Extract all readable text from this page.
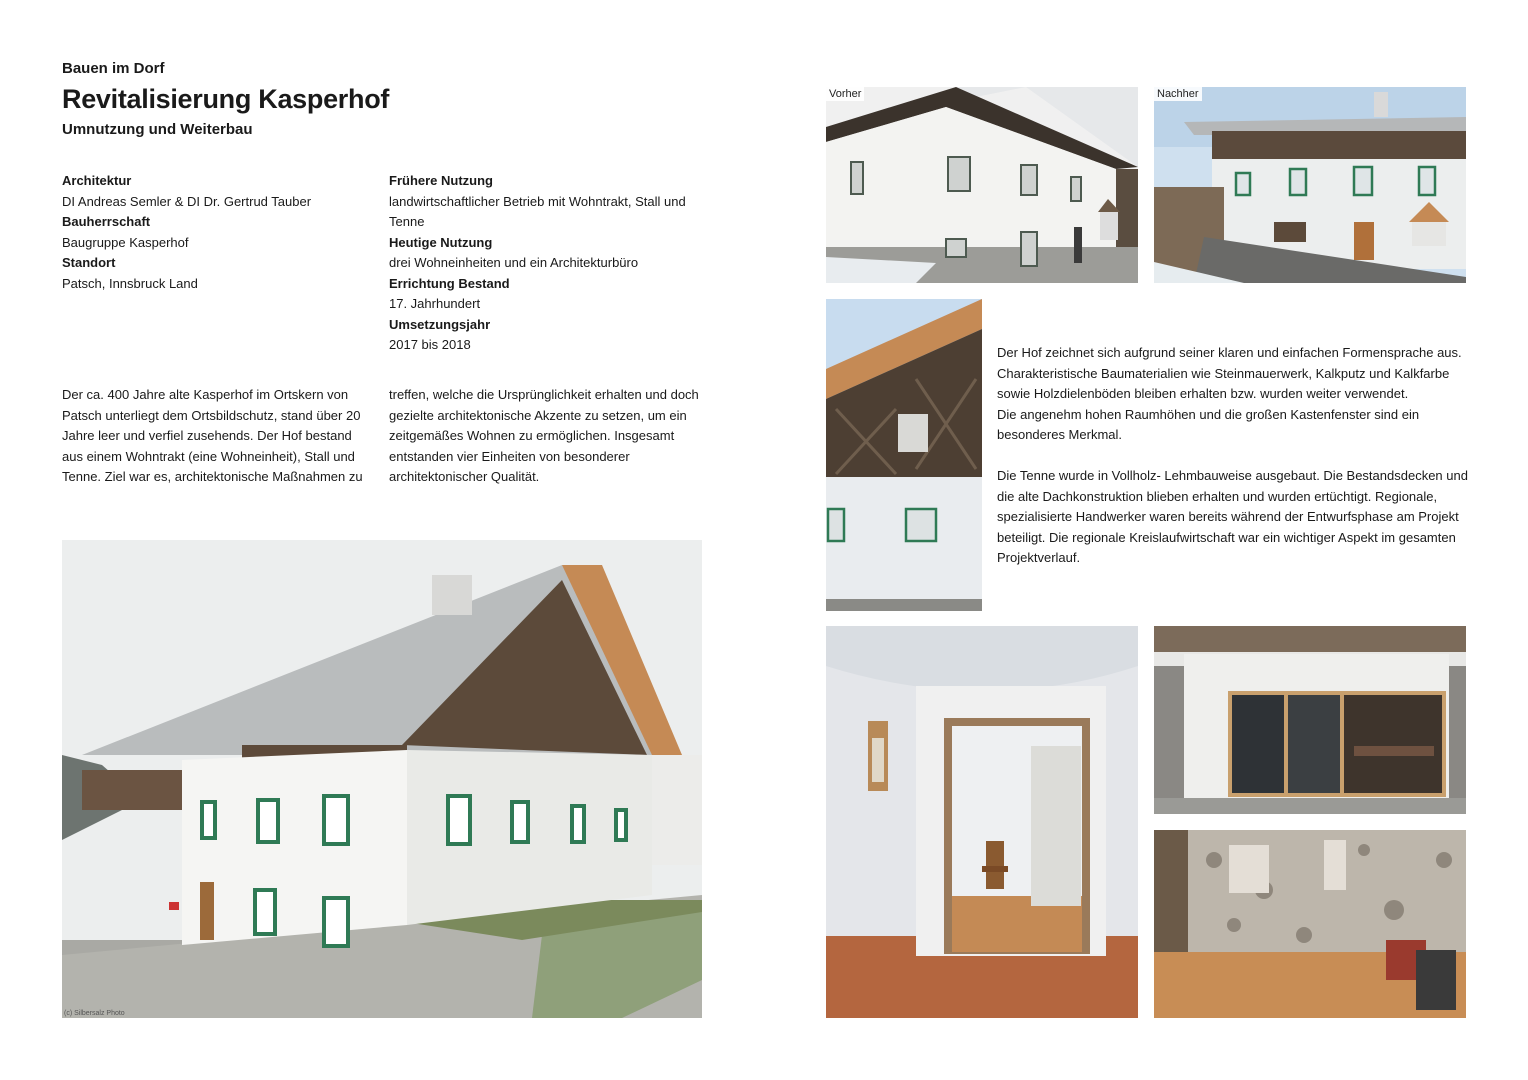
Bauen im Dorf
Revitalisierung Kasperhof
Umnutzung und Weiterbau
Architektur
DI Andreas Semler & DI Dr. Gertrud Tauber
Bauherrschaft
Baugruppe Kasperhof
Standort
Patsch, Innsbruck Land
Frühere Nutzung
landwirtschaftlicher Betrieb mit Wohntrakt, Stall und Tenne
Heutige Nutzung
drei Wohneinheiten und ein Architekturbüro
Errichtung Bestand
17. Jahrhundert
Umsetzungsjahr
2017 bis 2018
Der ca. 400 Jahre alte Kasperhof im Ortskern von Patsch unterliegt dem Ortsbildschutz, stand über 20 Jahre leer und verfiel zusehends. Der Hof bestand aus einem Wohntrakt (eine Wohneinheit), Stall und Tenne. Ziel war es, architektonische Maßnahmen zu
treffen, welche die Ursprünglichkeit erhalten und doch gezielte architektonische Akzente zu setzen, um ein zeitgemäßes Wohnen zu ermöglichen. Insgesamt entstanden vier Einheiten von besonderer architektonischer Qualität.

Der Hof zeichnet sich aufgrund seiner klaren und einfachen Formensprache aus. Charakteristische Baumaterialien wie Steinmauerwerk, Kalkputz und Kalkfarbe sowie Holzdielenböden bleiben erhalten bzw. wurden weiter verwendet.

Die angenehm hohen Raumhöhen und die großen Kastenfenster sind ein besonderes Merkmal.

Die Tenne wurde in Vollholz- Lehmbauweise ausgebaut. Die Bestandsdecken und die alte Dachkonstruktion blieben erhalten und wurden ertüchtigt. Regionale, spezialisierte Handwerker waren bereits während der Entwurfsphase am Projekt beteiligt. Die regionale Kreislaufwirtschaft war ein wichtiger Aspekt im gesamten Projektverlauf.

(c) Silbersalz Photo
Vorher	Nachher
